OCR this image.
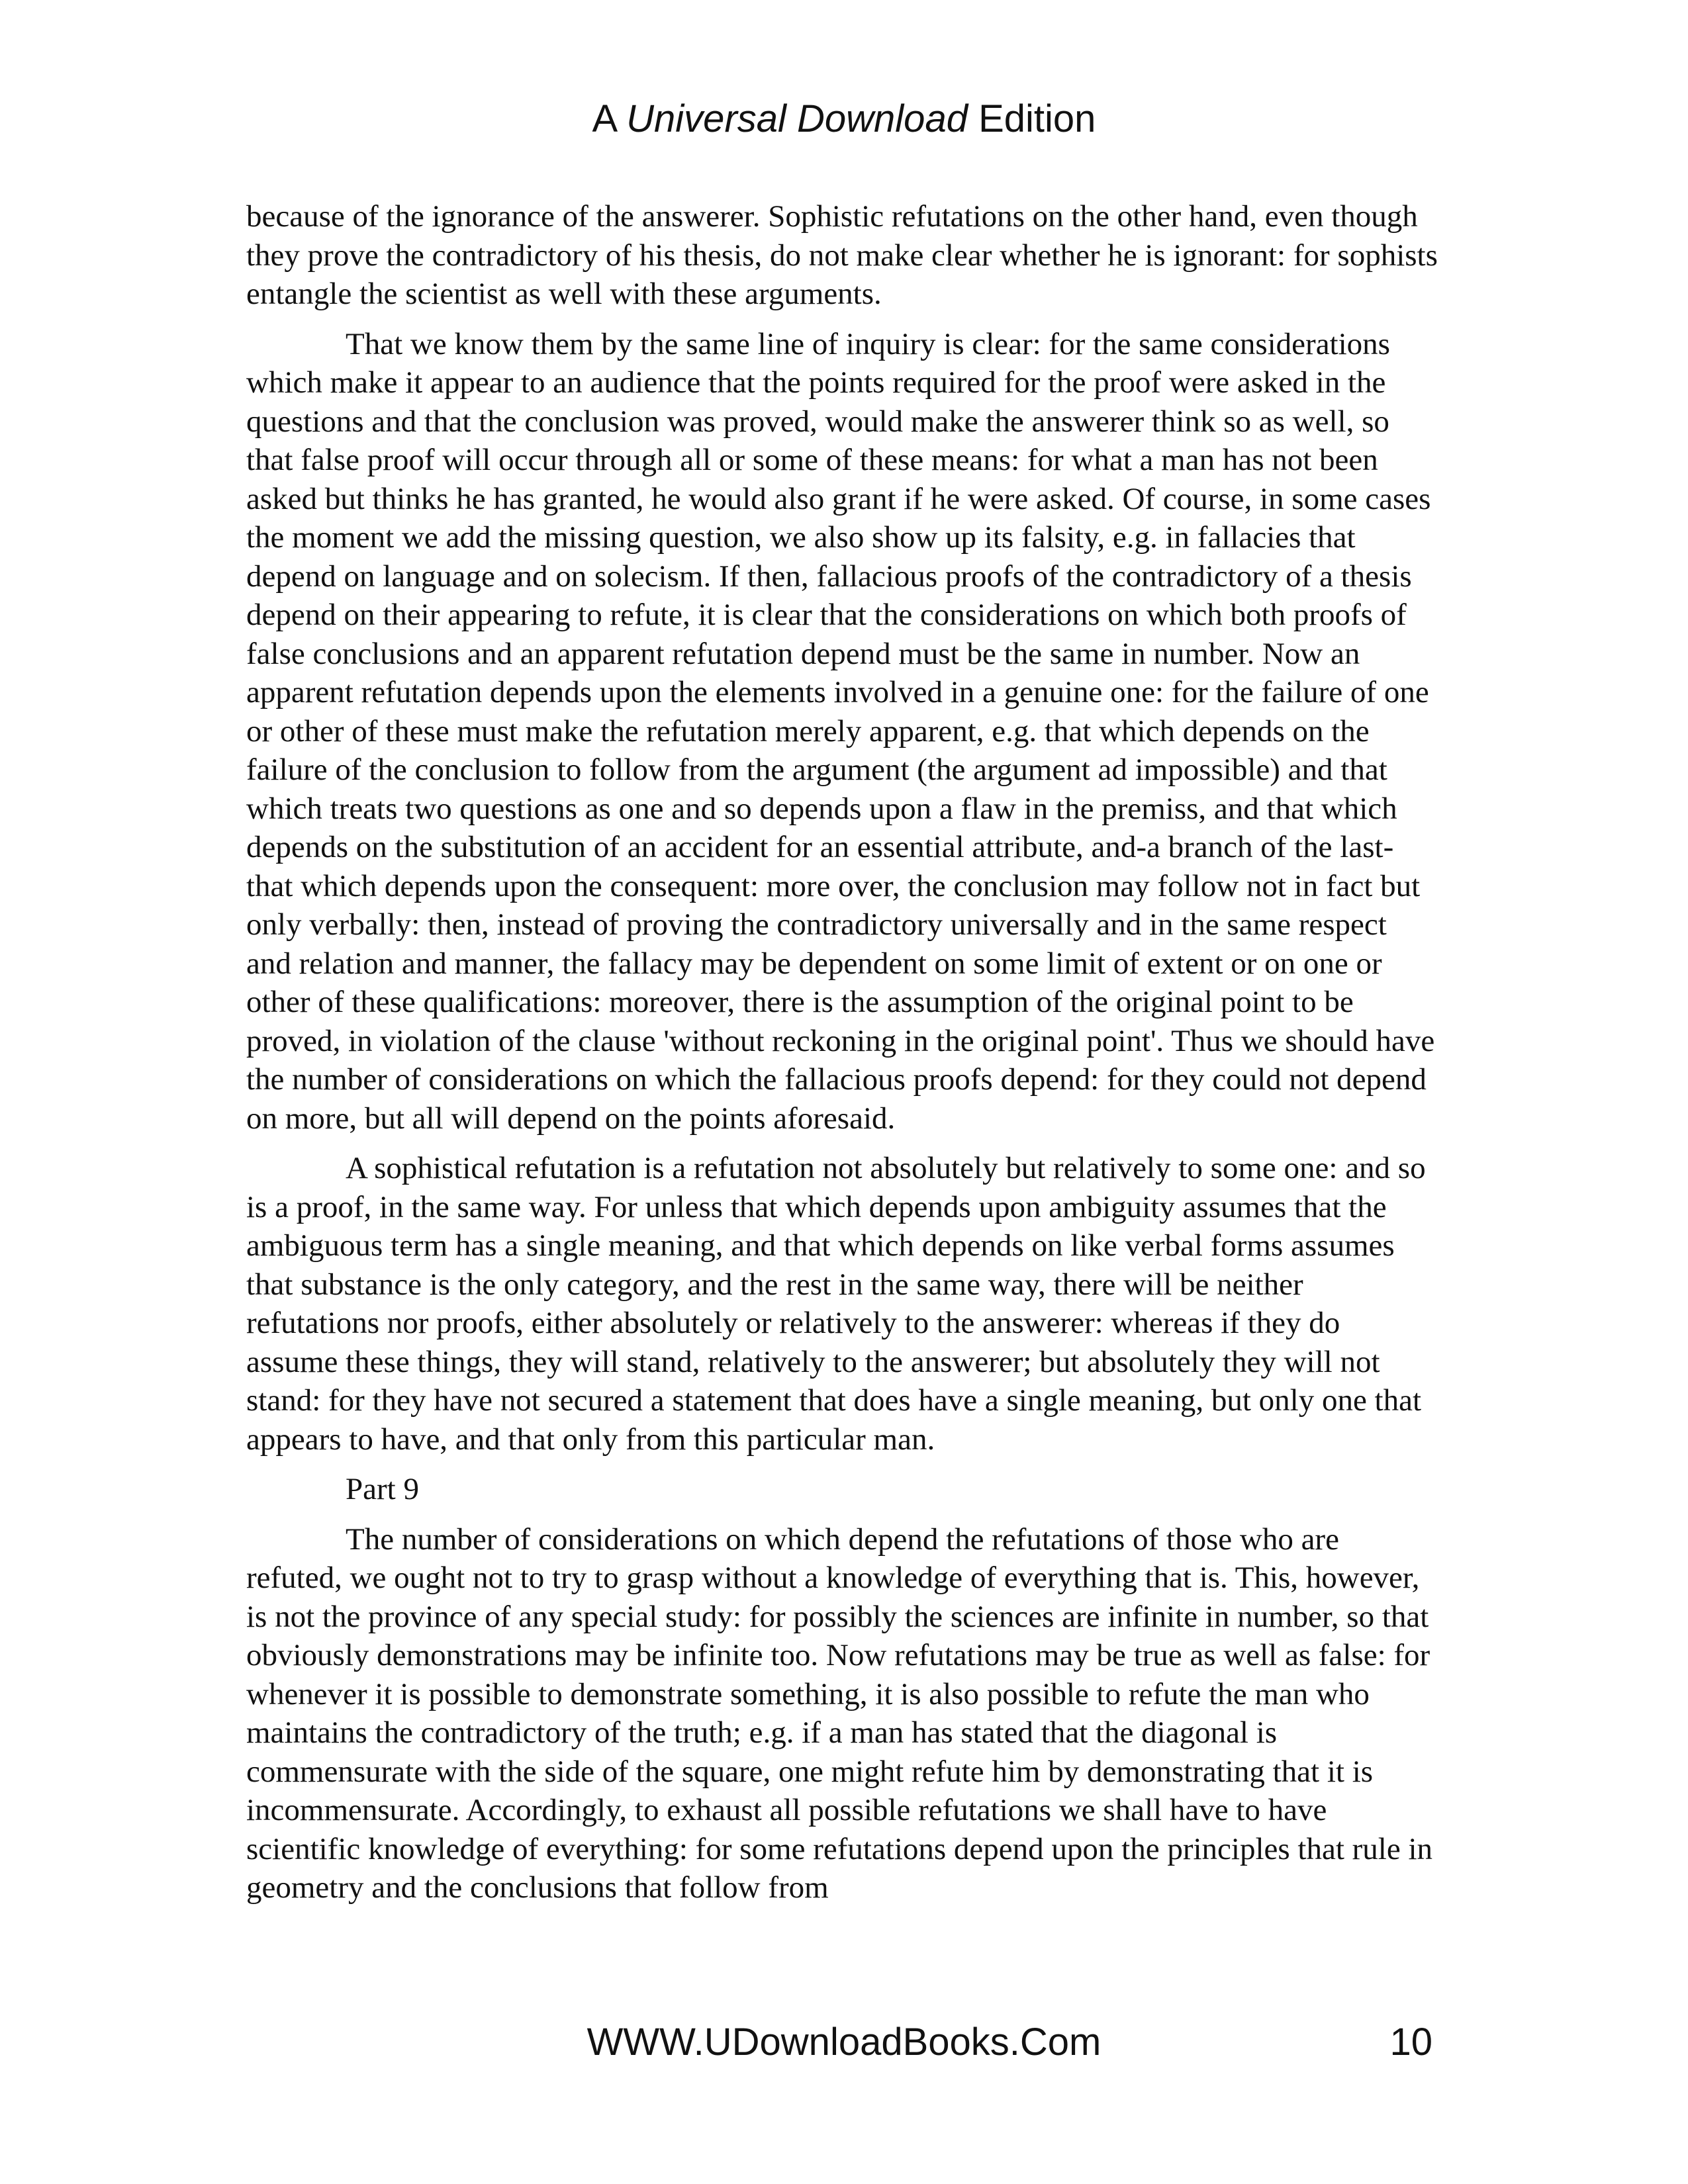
A Universal Download Edition

because of the ignorance of the answerer. Sophistic refutations on the other hand, even though they prove the contradictory of his thesis, do not make clear whether he is ignorant: for sophists entangle the scientist as well with these arguments.

That we know them by the same line of inquiry is clear: for the same considerations which make it appear to an audience that the points required for the proof were asked in the questions and that the conclusion was proved, would make the answerer think so as well, so that false proof will occur through all or some of these means: for what a man has not been asked but thinks he has granted, he would also grant if he were asked. Of course, in some cases the moment we add the missing question, we also show up its falsity, e.g. in fallacies that depend on language and on solecism. If then, fallacious proofs of the contradictory of a thesis depend on their appearing to refute, it is clear that the considerations on which both proofs of false conclusions and an apparent refutation depend must be the same in number. Now an apparent refutation depends upon the elements involved in a genuine one: for the failure of one or other of these must make the refutation merely apparent, e.g. that which depends on the failure of the conclusion to follow from the argument (the argument ad impossible) and that which treats two questions as one and so depends upon a flaw in the premiss, and that which depends on the substitution of an accident for an essential attribute, and-a branch of the last-that which depends upon the consequent: more over, the conclusion may follow not in fact but only verbally: then, instead of proving the contradictory universally and in the same respect and relation and manner, the fallacy may be dependent on some limit of extent or on one or other of these qualifications: moreover, there is the assumption of the original point to be proved, in violation of the clause 'without reckoning in the original point'. Thus we should have the number of considerations on which the fallacious proofs depend: for they could not depend on more, but all will depend on the points aforesaid.

A sophistical refutation is a refutation not absolutely but relatively to some one: and so is a proof, in the same way. For unless that which depends upon ambiguity assumes that the ambiguous term has a single meaning, and that which depends on like verbal forms assumes that substance is the only category, and the rest in the same way, there will be neither refutations nor proofs, either absolutely or relatively to the answerer: whereas if they do assume these things, they will stand, relatively to the answerer; but absolutely they will not stand: for they have not secured a statement that does have a single meaning, but only one that appears to have, and that only from this particular man.

Part 9

The number of considerations on which depend the refutations of those who are refuted, we ought not to try to grasp without a knowledge of everything that is. This, however, is not the province of any special study: for possibly the sciences are infinite in number, so that obviously demonstrations may be infinite too. Now refutations may be true as well as false: for whenever it is possible to demonstrate something, it is also possible to refute the man who maintains the contradictory of the truth; e.g. if a man has stated that the diagonal is commensurate with the side of the square, one might refute him by demonstrating that it is incommensurate. Accordingly, to exhaust all possible refutations we shall have to have scientific knowledge of everything: for some refutations depend upon the principles that rule in geometry and the conclusions that follow from

WWW.UDownloadBooks.Com	10
